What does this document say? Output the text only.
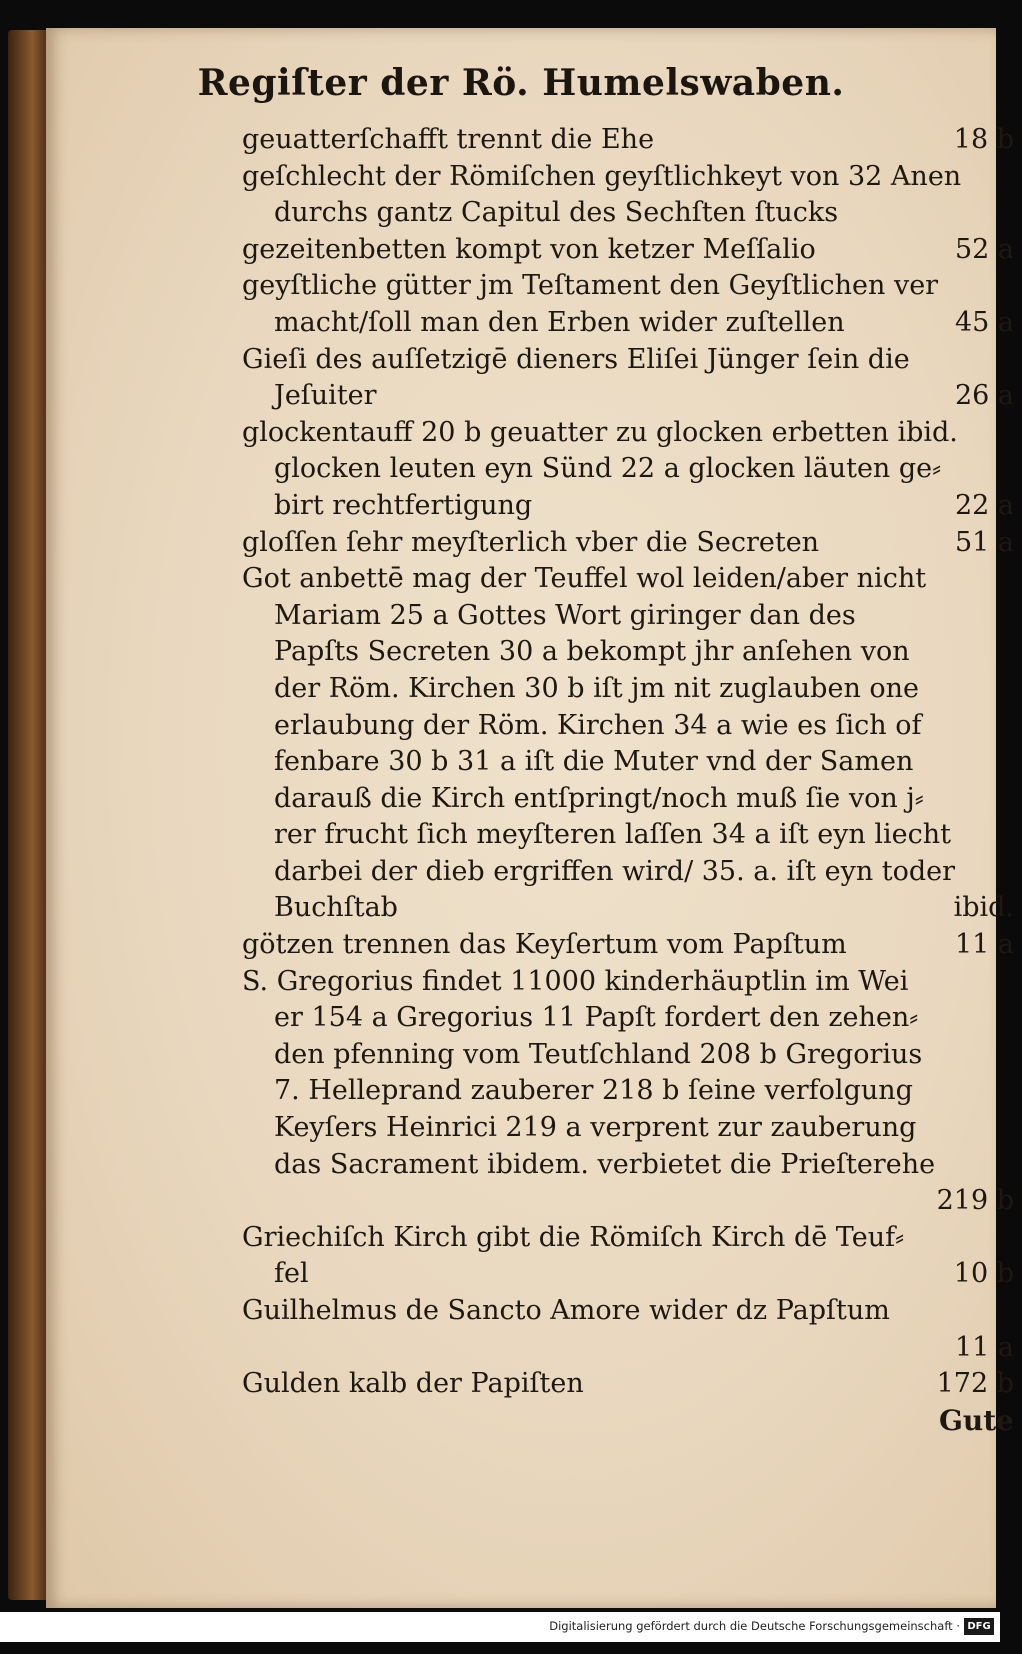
Regiſter der Rö. Humelswaben.
geuatterſchafft trennt die Ehe	18 b
geſchlecht der Römiſchen geyſtlichkeyt von 32 Anen
durchs gantz Capitul des Sechſten ſtucks
gezeitenbetten kompt von ketzer Meſſalio	52 a
geyſtliche gütter jm Teſtament den Geyſtlichen ver
macht/ſoll man den Erben wider zuſtellen	45 a
Gieſi des auſſetzigē dieners Eliſei Jünger ſein die
Jeſuiter	26 a
glockentauff 20 b geuatter zu glocken erbetten ibid.
glocken leuten eyn Sünd 22 a glocken läuten ge⸗
birt rechtfertigung	22 a
gloſſen ſehr meyſterlich vber die Secreten	51 a
Got anbettē mag der Teuffel wol leiden/aber nicht
Mariam 25 a Gottes Wort giringer dan des
Papſts Secreten 30 a bekompt jhr anſehen von
der Röm. Kirchen 30 b iſt jm nit zuglauben one
erlaubung der Röm. Kirchen 34 a wie es ſich of
fenbare 30 b 31 a iſt die Muter vnd der Samen
darauß die Kirch entſpringt/noch muß ſie von j⸗
rer frucht ſich meyſteren laſſen 34 a iſt eyn liecht
darbei der dieb ergriffen wird/ 35. a. iſt eyn toder
Buchſtab	ibid.
götzen trennen das Keyſertum vom Papſtum	11 a
S. Gregorius findet 11000 kinderhäuptlin im Wei
er 154 a Gregorius 11 Papſt fordert den zehen⸗
den pfenning vom Teutſchland 208 b Gregorius
7. Helleprand zauberer 218 b ſeine verfolgung
Keyſers Heinrici 219 a verprent zur zauberung
das Sacrament ibidem. verbietet die Prieſterehe
219 b
Griechiſch Kirch gibt die Römiſch Kirch dē Teuf⸗
fel	10 b
Guilhelmus de Sancto Amore wider dz Papſtum
11 a
Gulden kalb der Papiſten	172 b
Gute
Digitalisierung gefördert durch die Deutsche Forschungsgemeinschaft · DFG
